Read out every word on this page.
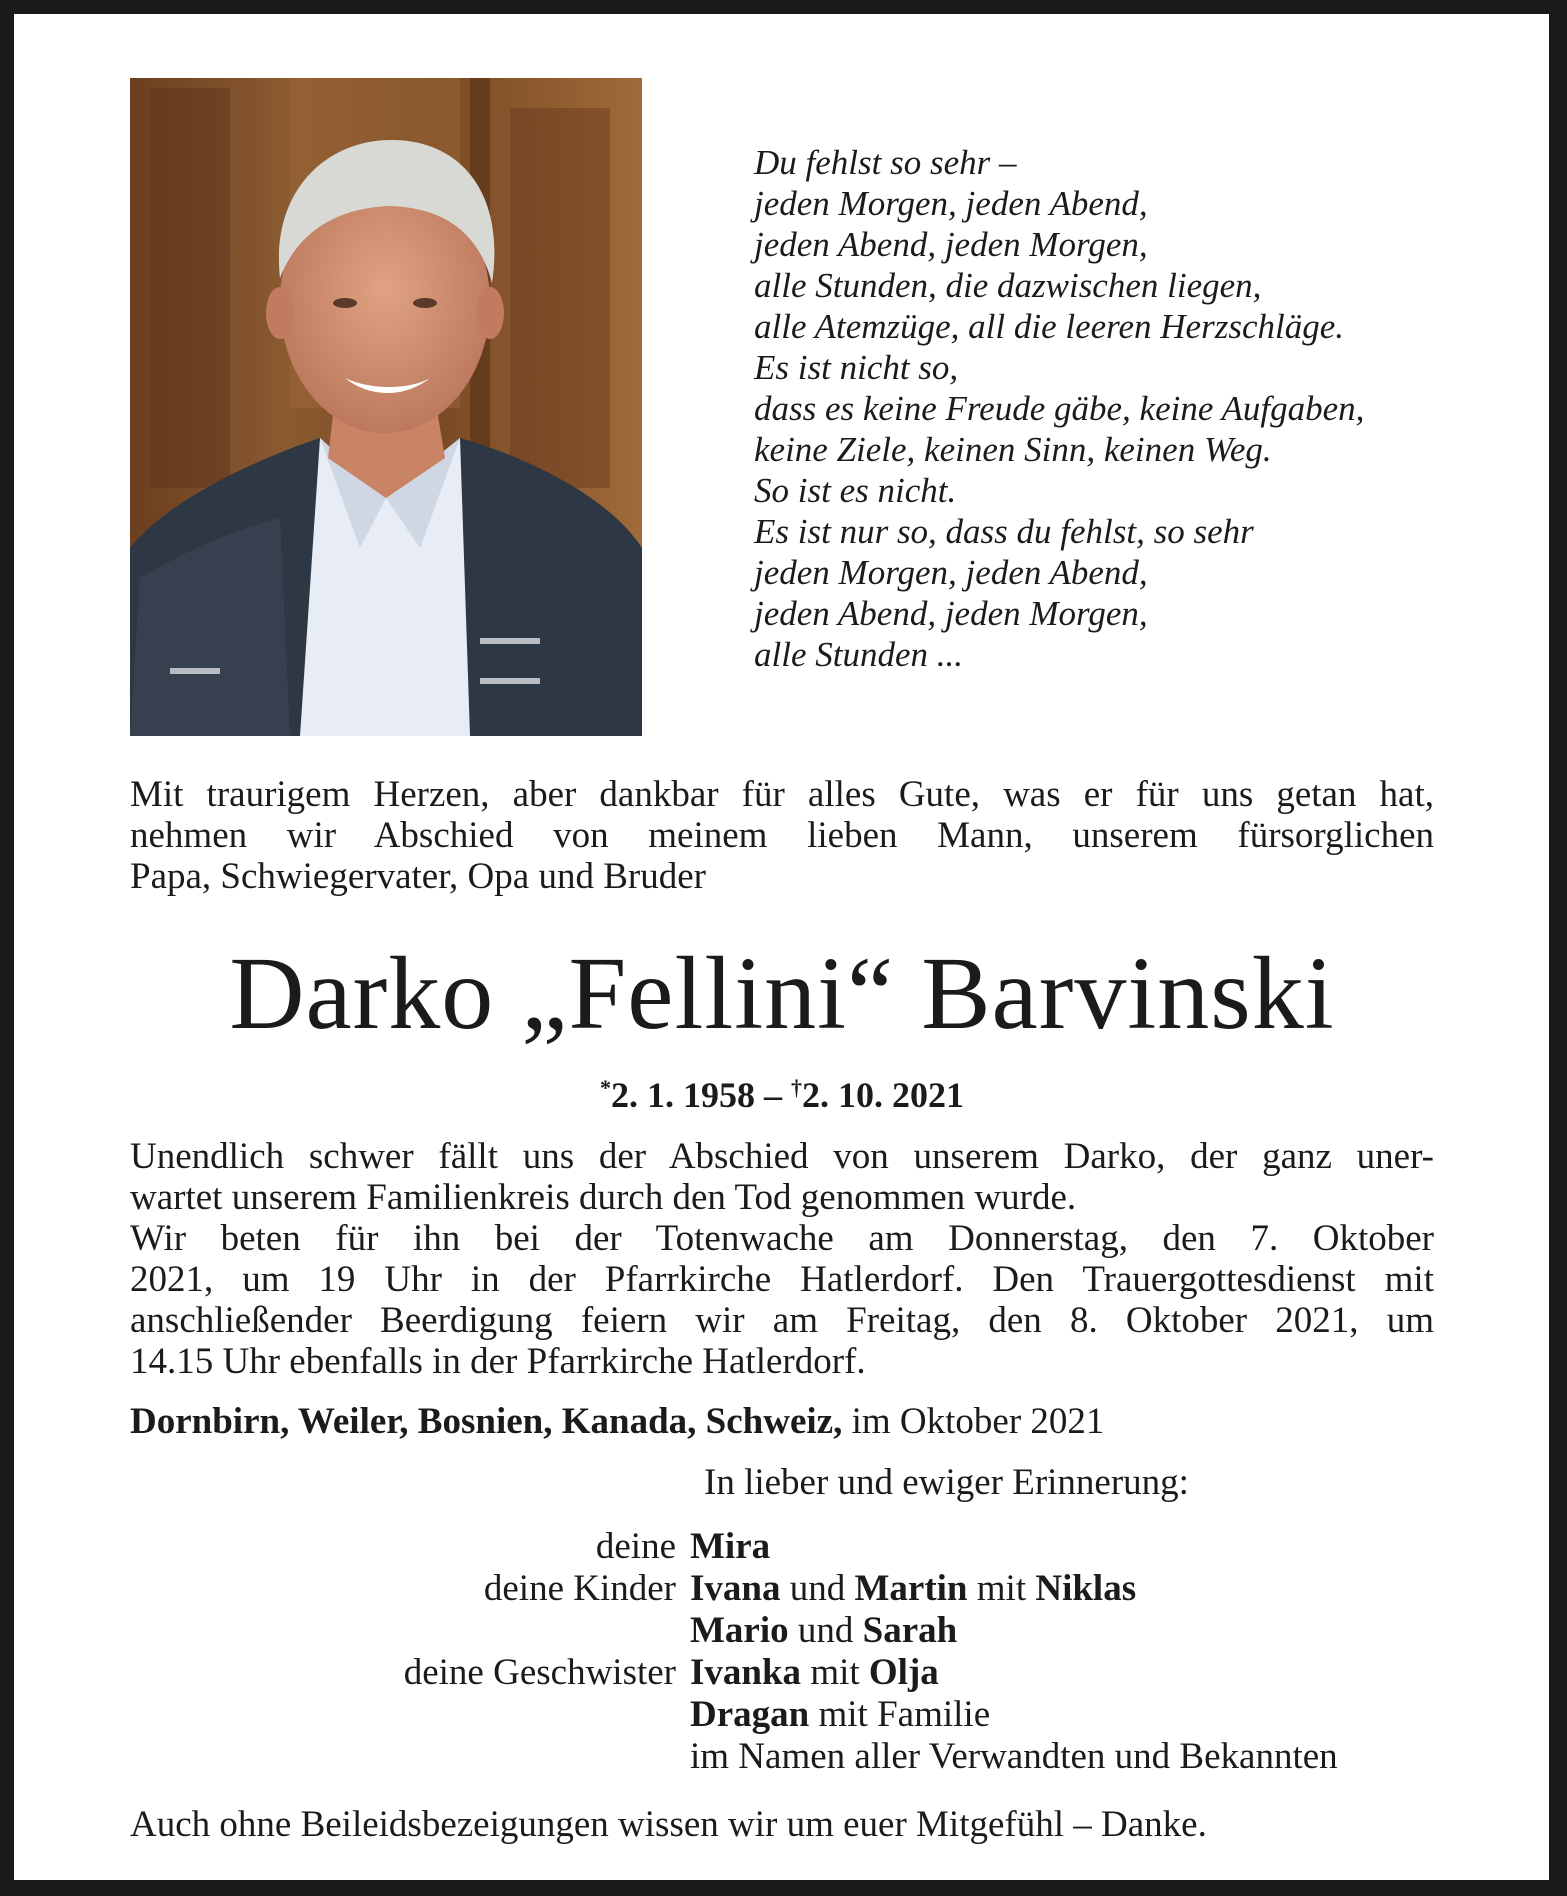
Du fehlst so sehr –
jeden Morgen, jeden Abend,
jeden Abend, jeden Morgen,
alle Stunden, die dazwischen liegen,
alle Atemzüge, all die leeren Herzschläge.
Es ist nicht so,
dass es keine Freude gäbe, keine Aufgaben,
keine Ziele, keinen Sinn, keinen Weg.
So ist es nicht.
Es ist nur so, dass du fehlst, so sehr
jeden Morgen, jeden Abend,
jeden Abend, jeden Morgen,
alle Stunden ...
Mit traurigem Herzen, aber dankbar für alles Gute, was er für uns getan hat,
nehmen wir Abschied von meinem lieben Mann, unserem fürsorglichen
Papa, Schwiegervater, Opa und Bruder
Darko „Fellini“ Barvinski
*2. 1. 1958 – †2. 10. 2021
Unendlich schwer fällt uns der Abschied von unserem Darko, der ganz uner-
wartet unserem Familienkreis durch den Tod genommen wurde.
Wir beten für ihn bei der Totenwache am Donnerstag, den 7. Oktober
2021, um 19 Uhr in der Pfarrkirche Hatlerdorf. Den Trauergottesdienst mit
anschließender Beerdigung feiern wir am Freitag, den 8. Oktober 2021, um
14.15 Uhr ebenfalls in der Pfarrkirche Hatlerdorf.
Dornbirn, Weiler, Bosnien, Kanada, Schweiz, im Oktober 2021
In lieber und ewiger Erinnerung:
deine Mira
deine Kinder Ivana und Martin mit Niklas
Mario und Sarah
deine Geschwister Ivanka mit Olja
Dragan mit Familie
im Namen aller Verwandten und Bekannten
Auch ohne Beileidsbezeigungen wissen wir um euer Mitgefühl – Danke.
